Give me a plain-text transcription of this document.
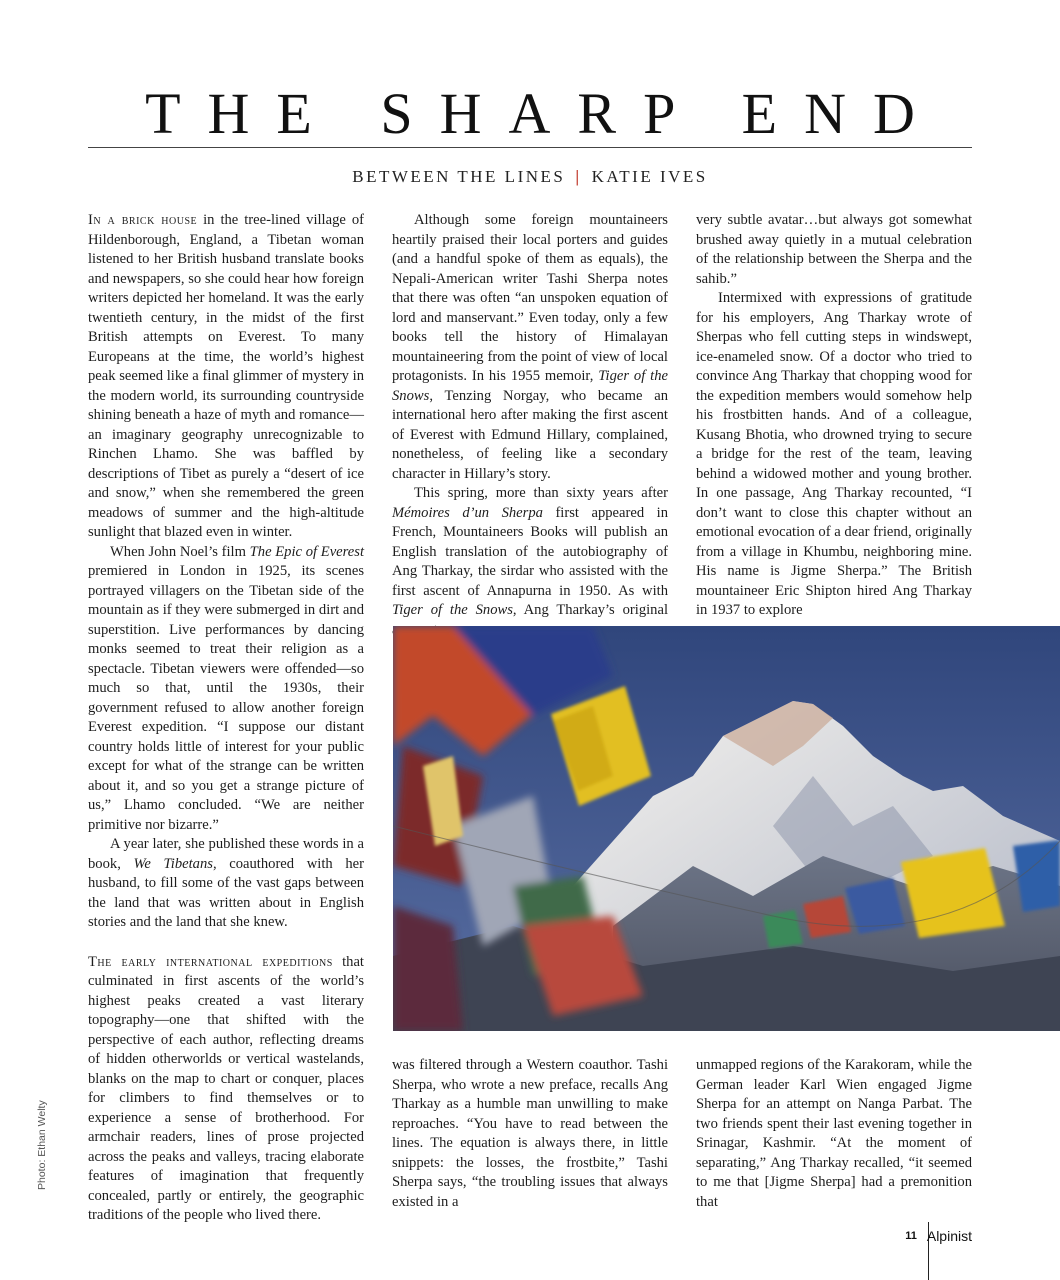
THE SHARP END
BETWEEN THE LINES | KATIE IVES

In a brick house in the tree-lined village of Hildenborough, England, a Tibetan woman listened to her British husband translate books and newspapers, so she could hear how foreign writers depicted her homeland. It was the early twentieth century, in the midst of the first British attempts on Everest. To many Europeans at the time, the world’s highest peak seemed like a final glimmer of mystery in the modern world, its surrounding countryside shining beneath a haze of myth and romance—an imaginary geography unrecognizable to Rinchen Lhamo. She was baffled by descriptions of Tibet as purely a “desert of ice and snow,” when she remembered the green meadows of summer and the high-altitude sunlight that blazed even in winter.

When John Noel’s film The Epic of Everest premiered in London in 1925, its scenes portrayed villagers on the Tibetan side of the mountain as if they were submerged in dirt and superstition. Live performances by dancing monks seemed to treat their religion as a spectacle. Tibetan viewers were offended—so much so that, until the 1930s, their government refused to allow another foreign Everest expedition. “I suppose our distant country holds little of interest for your public except for what of the strange can be written about it, and so you get a strange picture of us,” Lhamo concluded. “We are neither primitive nor bizarre.”

A year later, she published these words in a book, We Tibetans, coauthored with her husband, to fill some of the vast gaps between the land that was written about in English stories and the land that she knew.

The early international expeditions that culminated in first ascents of the world’s highest peaks created a vast literary topography—one that shifted with the perspective of each author, reflecting dreams of hidden otherworlds or vertical wastelands, blanks on the map to chart or conquer, places for climbers to find themselves or to experience a sense of brotherhood. For armchair readers, lines of prose projected across the peaks and valleys, tracing elaborate features of imagination that frequently concealed, partly or entirely, the geographic traditions of the people who lived there.

Although some foreign mountaineers heartily praised their local porters and guides (and a handful spoke of them as equals), the Nepali-American writer Tashi Sherpa notes that there was often “an unspoken equation of lord and manservant.” Even today, only a few books tell the history of Himalayan mountaineering from the point of view of local protagonists. In his 1955 memoir, Tiger of the Snows, Tenzing Norgay, who became an international hero after making the first ascent of Everest with Edmund Hillary, complained, nonetheless, of feeling like a secondary character in Hillary’s story.

This spring, more than sixty years after Mémoires d’un Sherpa first appeared in French, Mountaineers Books will publish an English translation of the autobiography of Ang Tharkay, the sirdar who assisted with the first ascent of Annapurna in 1950. As with Tiger of the Snows, Ang Tharkay’s original

very subtle avatar…but always got somewhat brushed away quietly in a mutual celebration of the relationship between the Sherpa and the sahib.”

Intermixed with expressions of gratitude for his employers, Ang Tharkay wrote of Sherpas who fell cutting steps in windswept, ice-enameled snow. Of a doctor who tried to convince Ang Tharkay that chopping wood for the expedition members would somehow help his frostbitten hands. And of a colleague, Kusang Bhotia, who drowned trying to secure a bridge for the rest of the team, leaving behind a widowed mother and young brother. In one passage, Ang Tharkay recounted, “I don’t want to close this chapter without an emotional evocation of a dear friend, originally from a village in Khumbu, neighboring mine. His name is Jigme Sherpa.” The British mountaineer Eric Shipton hired Ang Tharkay in 1937 to explore

was filtered through a Western coauthor. Tashi Sherpa, who wrote a new preface, recalls Ang Tharkay as a humble man unwilling to make reproaches. “You have to read between the lines. The equation is always there, in little snippets: the losses, the frostbite,” Tashi Sherpa says, “the troubling issues that always existed in a

unmapped regions of the Karakoram, while the German leader Karl Wien engaged Jigme Sherpa for an attempt on Nanga Parbat. The two friends spent their last evening together in Srinagar, Kashmir. “At the moment of separating,” Ang Tharkay recalled, “it seemed to me that [Jigme Sherpa] had a premonition that

Photo: Ethan Welty
11 Alpinist
